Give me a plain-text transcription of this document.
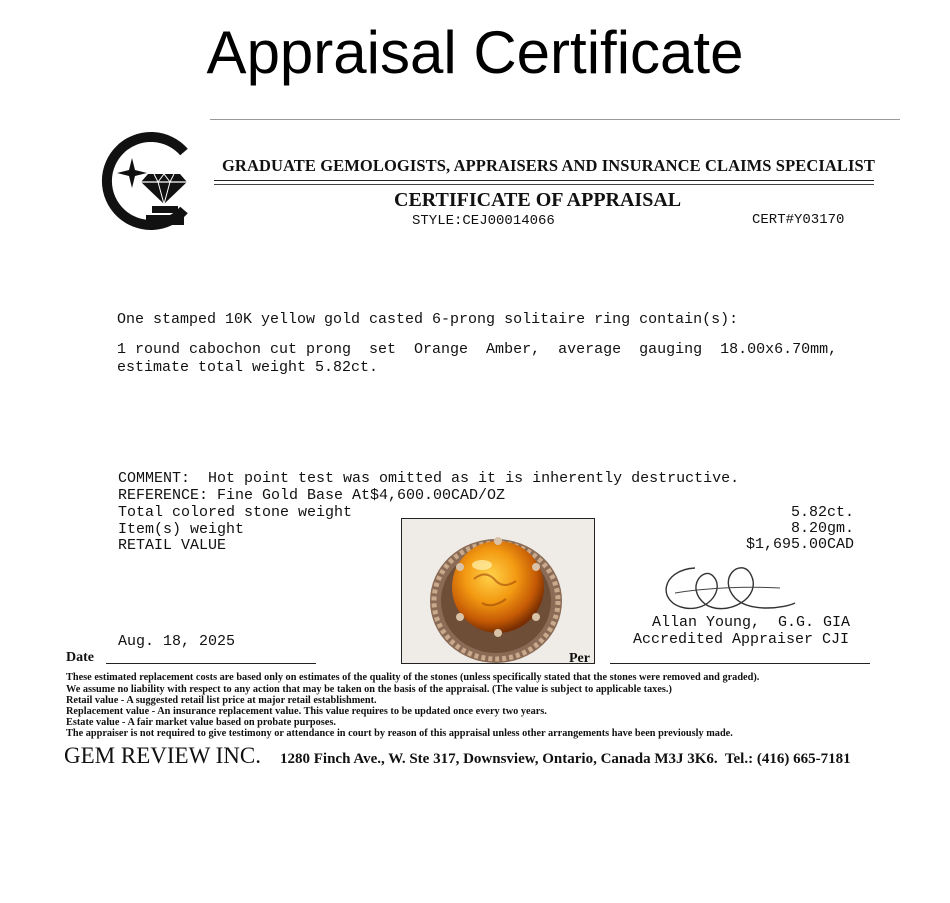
Appraisal Certificate
GRADUATE GEMOLOGISTS, APPRAISERS AND INSURANCE CLAIMS SPECIALIST
CERTIFICATE OF APPRAISAL
STYLE:CEJ00014066	CERT#Y03170
One stamped 10K yellow gold casted 6-prong solitaire ring contain(s):
1 round cabochon cut prong  set  Orange  Amber,  average  gauging  18.00x6.70mm,
estimate total weight 5.82ct.
COMMENT:  Hot point test was omitted as it is inherently destructive.
REFERENCE: Fine Gold Base At$4,600.00CAD/OZ
Total colored stone weight
Item(s) weight
RETAIL VALUE
5.82ct.
8.20gm.
$1,695.00CAD
Allan Young,  G.G. GIA
Accredited Appraiser CJI
Aug. 18, 2025
Date	Per
These estimated replacement costs are based only on estimates of the quality of the stones (unless specifically stated that the stones were removed and graded).
We assume no liability with respect to any action that may be taken on the basis of the appraisal. (The value is subject to applicable taxes.)
Retail value - A suggested retail list price at major retail establishment.
Replacement value - An insurance replacement value. This value requires to be updated once every two years.
Estate value - A fair market value based on probate purposes.
The appraiser is not required to give testimony or attendance in court by reason of this appraisal unless other arrangements have been previously made.
GEM REVIEW INC. 1280 Finch Ave., W. Ste 317, Downsview, Ontario, Canada M3J 3K6.  Tel.: (416) 665-7181
